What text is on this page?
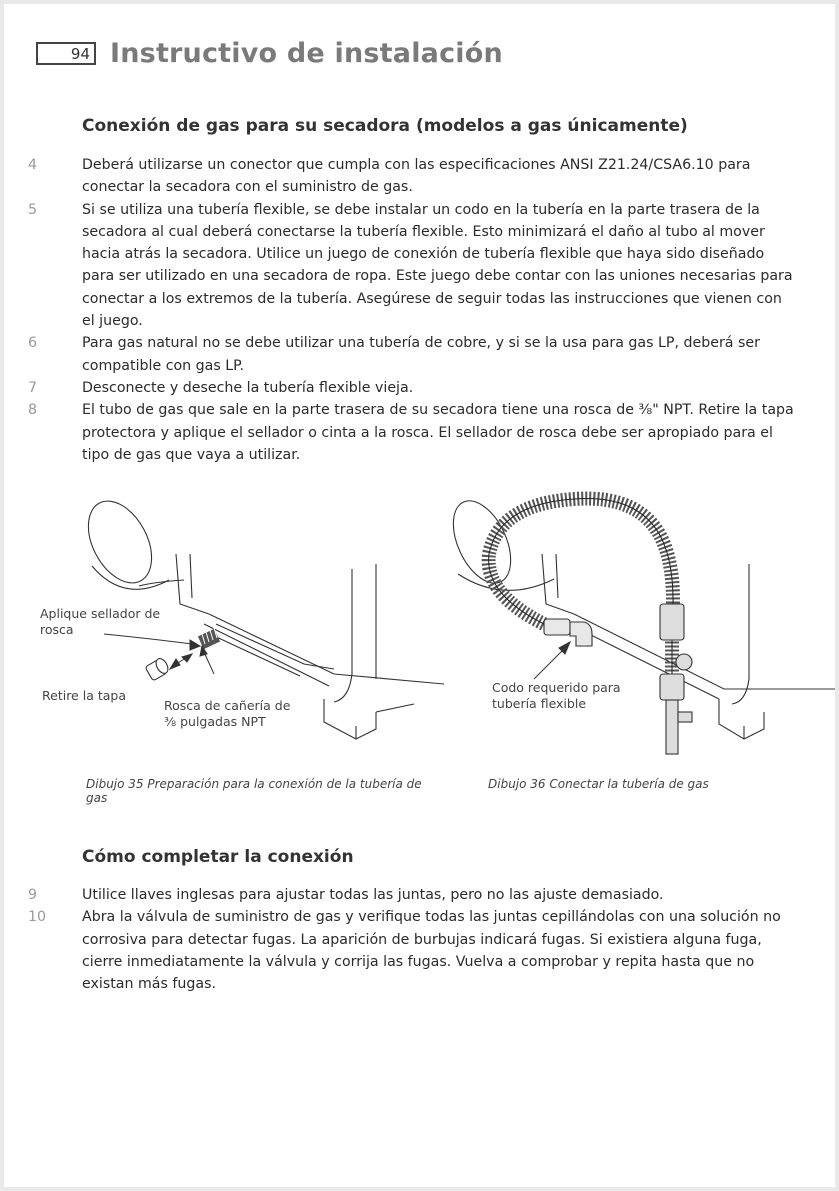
94 Instructivo de instalación
Conexión de gas para su secadora (modelos a gas únicamente)
4	Deberá utilizarse un conector que cumpla con las especificaciones ANSI Z21.24/CSA6.10 para conectar la secadora con el suministro de gas.
5	Si se utiliza una tubería flexible, se debe instalar un codo en la tubería en la parte trasera de la secadora al cual deberá conectarse la tubería flexible. Esto minimizará el daño al tubo al mover hacia atrás la secadora. Utilice un juego de conexión de tubería flexible que haya sido diseñado para ser utilizado en una secadora de ropa. Este juego debe contar con las uniones necesarias para conectar a los extremos de la tubería. Asegúrese de seguir todas las instrucciones que vienen con el juego.
6	Para gas natural no se debe utilizar una tubería de cobre, y si se la usa para gas LP, deberá ser compatible con gas LP.
7	Desconecte y deseche la tubería flexible vieja.
8	El tubo de gas que sale en la parte trasera de su secadora tiene una rosca de ⅜" NPT. Retire la tapa protectora y aplique el sellador o cinta a la rosca. El sellador de rosca debe ser apropiado para el tipo de gas que vaya a utilizar.
Aplique sellador de rosca
Retire la tapa
Rosca de cañería de ⅜ pulgadas NPT
Dibujo 35 Preparación para la conexión de la tubería de gas
Codo requerido para tubería flexible
Dibujo 36 Conectar la tubería de gas
Cómo completar la conexión
9	Utilice llaves inglesas para ajustar todas las juntas, pero no las ajuste demasiado.
10	Abra la válvula de suministro de gas y verifique todas las juntas cepillándolas con una solución no corrosiva para detectar fugas. La aparición de burbujas indicará fugas. Si existiera alguna fuga, cierre inmediatamente la válvula y corrija las fugas. Vuelva a comprobar y repita hasta que no existan más fugas.
